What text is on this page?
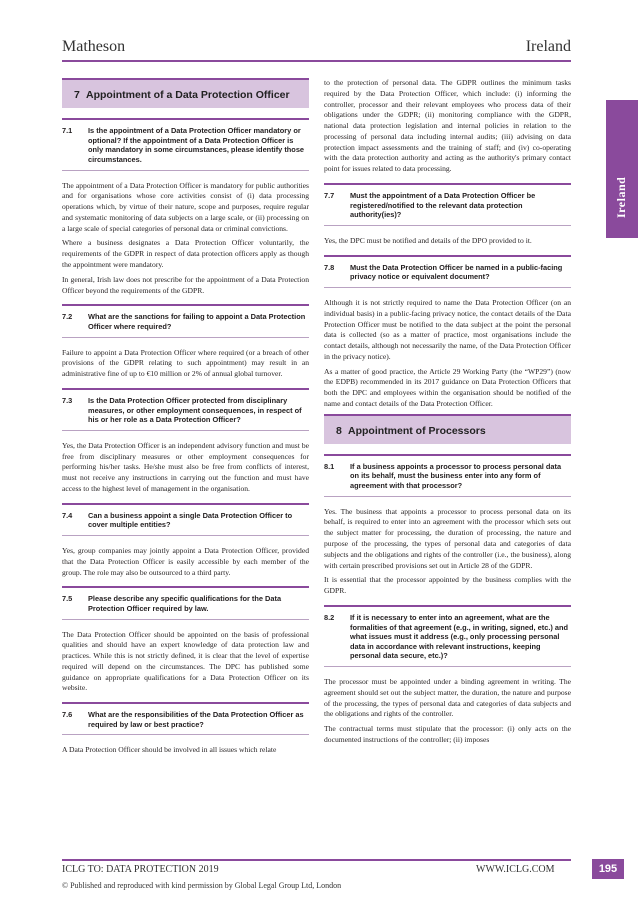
Matheson	Ireland
Ireland
7 Appointment of a Data Protection Officer
7.1	Is the appointment of a Data Protection Officer mandatory or optional? If the appointment of a Data Protection Officer is only mandatory in some circumstances, please identify those circumstances.

The appointment of a Data Protection Officer is mandatory for public authorities and for organisations whose core activities consist of (i) data processing operations which, by virtue of their nature, scope and purposes, require regular and systematic monitoring of data subjects on a large scale, or (ii) processing on a large scale of special categories of personal data or criminal convictions.

Where a business designates a Data Protection Officer voluntarily, the requirements of the GDPR in respect of data protection officers apply as though the appointment were mandatory.

In general, Irish law does not prescribe for the appointment of a Data Protection Officer beyond the requirements of the GDPR.

7.2	What are the sanctions for failing to appoint a Data Protection Officer where required?

Failure to appoint a Data Protection Officer where required (or a breach of other provisions of the GDPR relating to such appointment) may result in an administrative fine of up to €10 million or 2% of annual global turnover.

7.3	Is the Data Protection Officer protected from disciplinary measures, or other employment consequences, in respect of his or her role as a Data Protection Officer?

Yes, the Data Protection Officer is an independent advisory function and must be free from disciplinary measures or other employment consequences for performing his/her tasks. He/she must also be free from conflicts of interest, must not receive any instructions in carrying out the function and must have access to the highest level of management in the organisation.

7.4	Can a business appoint a single Data Protection Officer to cover multiple entities?

Yes, group companies may jointly appoint a Data Protection Officer, provided that the Data Protection Officer is easily accessible by each member of the group. The role may also be outsourced to a third party.

7.5	Please describe any specific qualifications for the Data Protection Officer required by law.

The Data Protection Officer should be appointed on the basis of professional qualities and should have an expert knowledge of data protection law and practices. While this is not strictly defined, it is clear that the level of expertise required will depend on the circumstances. The DPC has published some guidance on appropriate qualifications for a Data Protection Officer on its website.

7.6	What are the responsibilities of the Data Protection Officer as required by law or best practice?

A Data Protection Officer should be involved in all issues which relate

to the protection of personal data. The GDPR outlines the minimum tasks required by the Data Protection Officer, which include: (i) informing the controller, processor and their relevant employees who process data of their obligations under the GDPR; (ii) monitoring compliance with the GDPR, national data protection legislation and internal policies in relation to the processing of personal data including internal audits; (iii) advising on data protection impact assessments and the training of staff; and (iv) co-operating with the data protection authority and acting as the authority's primary contact point for issues related to data processing.

7.7	Must the appointment of a Data Protection Officer be registered/notified to the relevant data protection authority(ies)?

Yes, the DPC must be notified and details of the DPO provided to it.

7.8	Must the Data Protection Officer be named in a public-facing privacy notice or equivalent document?

Although it is not strictly required to name the Data Protection Officer (on an individual basis) in a public-facing privacy notice, the contact details of the Data Protection Officer must be notified to the data subject at the point the personal data is collected (so as a matter of practice, most organisations include the contact details, although not necessarily the name, of the Data Protection Officer in the privacy notice).

As a matter of good practice, the Article 29 Working Party (the “WP29”) (now the EDPB) recommended in its 2017 guidance on Data Protection Officers that both the DPC and employees within the organisation should be notified of the name and contact details of the Data Protection Officer.

8 Appointment of Processors
8.1	If a business appoints a processor to process personal data on its behalf, must the business enter into any form of agreement with that processor?

Yes. The business that appoints a processor to process personal data on its behalf, is required to enter into an agreement with the processor which sets out the subject matter for processing, the duration of processing, the nature and purpose of the processing, the types of personal data and categories of data subjects and the obligations and rights of the controller (i.e., the business), along with certain prescribed provisions set out in Article 28 of the GDPR.

It is essential that the processor appointed by the business complies with the GDPR.

8.2	If it is necessary to enter into an agreement, what are the formalities of that agreement (e.g., in writing, signed, etc.) and what issues must it address (e.g., only processing personal data in accordance with relevant instructions, keeping personal data secure, etc.)?

The processor must be appointed under a binding agreement in writing. The agreement should set out the subject matter, the duration, the nature and purpose of the processing, the types of personal data and categories of data subjects and the obligations and rights of the controller.

The contractual terms must stipulate that the processor: (i) only acts on the documented instructions of the controller; (ii) imposes

ICLG TO: DATA PROTECTION 2019	WWW.ICLG.COM
© Published and reproduced with kind permission by Global Legal Group Ltd, London
195
